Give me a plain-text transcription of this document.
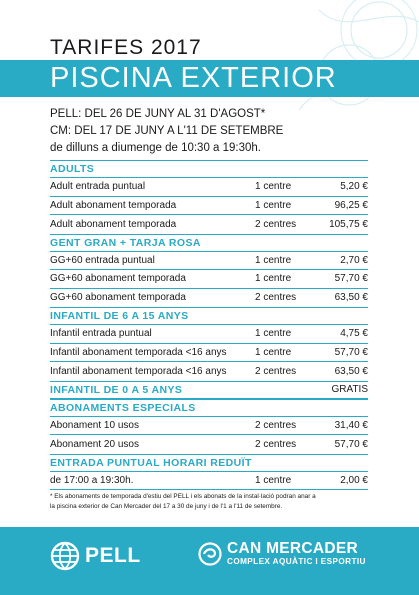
TARIFES 2017
PISCINA EXTERIOR
PELL: DEL 26 DE JUNY AL 31 D'AGOST*
CM: DEL 17 DE JUNY A L'11 DE SETEMBRE
de dilluns a diumenge de 10:30 a 19:30h.
ADULTS
Adult entrada puntual	1 centre	5,20 €
Adult abonament temporada	1 centre	96,25 €
Adult abonament temporada	2 centres	105,75 €
GENT GRAN + TARJA ROSA
GG+60 entrada puntual	1 centre	2,70 €
GG+60 abonament temporada	1 centre	57,70 €
GG+60 abonament temporada	2 centres	63,50 €
INFANTIL DE 6 A 15 ANYS
Infantil entrada puntual	1 centre	4,75 €
Infantil abonament temporada <16 anys	1 centre	57,70 €
Infantil abonament temporada <16 anys	2 centres	63,50 €
INFANTIL DE 0 A 5 ANYS	GRATIS
ABONAMENTS ESPECIALS
Abonament 10 usos	2 centres	31,40 €
Abonament 20 usos	2 centres	57,70 €
ENTRADA PUNTUAL HORARI REDUÏT
de 17:00 a 19:30h.	1 centre	2,00 €
* Els abonaments de temporada d'estiu del PELL i els abonats de la instal·lació podran anar a
la piscina exterior de Can Mercader del 17 a 30 de juny i de l'1 a l'11 de setembre.
PELL	CAN MERCADER
COMPLEX AQUÀTIC I ESPORTIU
